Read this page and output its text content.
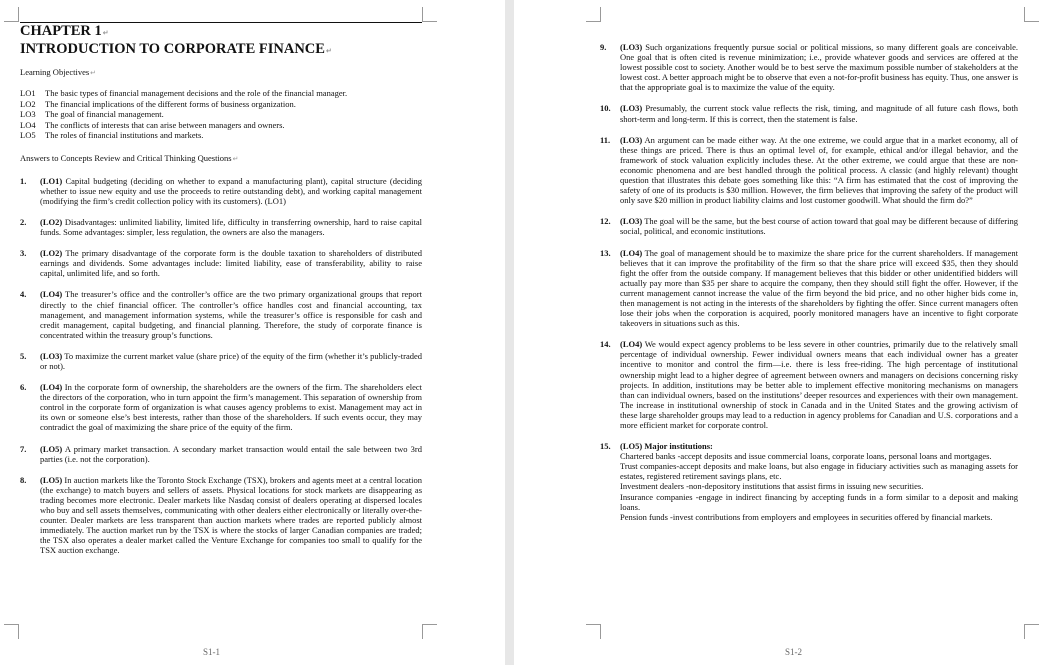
CHAPTER 1↵
INTRODUCTION TO CORPORATE FINANCE↵
Learning Objectives↵
LO1	The basic types of financial management decisions and the role of the financial manager.
LO2	The financial implications of the different forms of business organization.
LO3	The goal of financial management.
LO4	The conflicts of interests that can arise between managers and owners.
LO5	The roles of financial institutions and markets.
Answers to Concepts Review and Critical Thinking Questions↵
1.	(LO1) Capital budgeting (deciding on whether to expand a manufacturing plant), capital structure (deciding whether to issue new equity and use the proceeds to retire outstanding debt), and working capital management (modifying the firm’s credit collection policy with its customers). (LO1)
2.	(LO2) Disadvantages: unlimited liability, limited life, difficulty in transferring ownership, hard to raise capital funds. Some advantages: simpler, less regulation, the owners are also the managers.
3.	(LO2) The primary disadvantage of the corporate form is the double taxation to shareholders of distributed earnings and dividends. Some advantages include: limited liability, ease of transferability, ability to raise capital, unlimited life, and so forth.
4.	(LO4) The treasurer’s office and the controller’s office are the two primary organizational groups that report directly to the chief financial officer. The controller’s office handles cost and financial accounting, tax management, and management information systems, while the treasurer’s office is responsible for cash and credit management, capital budgeting, and financial planning. Therefore, the study of corporate finance is concentrated within the treasury group’s functions.
5.	(LO3) To maximize the current market value (share price) of the equity of the firm (whether it’s publicly-traded or not).
6.	(LO4) In the corporate form of ownership, the shareholders are the owners of the firm. The shareholders elect the directors of the corporation, who in turn appoint the firm’s management. This separation of ownership from control in the corporate form of organization is what causes agency problems to exist. Management may act in its own or someone else’s best interests, rather than those of the shareholders. If such events occur, they may contradict the goal of maximizing the share price of the equity of the firm.
7.	(LO5) A primary market transaction. A secondary market transaction would entail the sale between two 3rd parties (i.e. not the corporation).
8.	(LO5) In auction markets like the Toronto Stock Exchange (TSX), brokers and agents meet at a central location (the exchange) to match buyers and sellers of assets. Physical locations for stock markets are disappearing as trading becomes more electronic. Dealer markets like Nasdaq consist of dealers operating at dispersed locales who buy and sell assets themselves, communicating with other dealers either electronically or literally over-the-counter. Dealer markets are less transparent than auction markets where trades are reported publicly almost immediately. The auction market run by the TSX is where the stocks of larger Canadian companies are traded; the TSX also operates a dealer market called the Venture Exchange for companies too small to qualify for the TSX auction exchange.
S1-1
9.	(LO3) Such organizations frequently pursue social or political missions, so many different goals are conceivable. One goal that is often cited is revenue minimization; i.e., provide whatever goods and services are offered at the lowest possible cost to society. Another would be to best serve the maximum possible number of stakeholders at the lowest cost. A better approach might be to observe that even a not-for-profit business has equity. Thus, one answer is that the appropriate goal is to maximize the value of the equity.
10.	(LO3) Presumably, the current stock value reflects the risk, timing, and magnitude of all future cash flows, both short-term and long-term. If this is correct, then the statement is false.
11.	(LO3) An argument can be made either way. At the one extreme, we could argue that in a market economy, all of these things are priced. There is thus an optimal level of, for example, ethical and/or illegal behavior, and the framework of stock valuation explicitly includes these. At the other extreme, we could argue that these are non-economic phenomena and are best handled through the political process. A classic (and highly relevant) thought question that illustrates this debate goes something like this: “A firm has estimated that the cost of improving the safety of one of its products is $30 million. However, the firm believes that improving the safety of the product will only save $20 million in product liability claims and lost customer goodwill. What should the firm do?”
12.	(LO3) The goal will be the same, but the best course of action toward that goal may be different because of differing social, political, and economic institutions.
13.	(LO4) The goal of management should be to maximize the share price for the current shareholders. If management believes that it can improve the profitability of the firm so that the share price will exceed $35, then they should fight the offer from the outside company. If management believes that this bidder or other unidentified bidders will actually pay more than $35 per share to acquire the company, then they should still fight the offer. However, if the current management cannot increase the value of the firm beyond the bid price, and no other higher bids come in, then management is not acting in the interests of the shareholders by fighting the offer. Since current managers often lose their jobs when the corporation is acquired, poorly monitored managers have an incentive to fight corporate takeovers in situations such as this.
14.	(LO4) We would expect agency problems to be less severe in other countries, primarily due to the relatively small percentage of individual ownership. Fewer individual owners means that each individual owner has a greater incentive to monitor and control the firm—i.e. there is less free-riding. The high percentage of institutional ownership might lead to a higher degree of agreement between owners and managers on decisions concerning risky projects. In addition, institutions may be better able to implement effective monitoring mechanisms on managers than can individual owners, based on the institutions’ deeper resources and experiences with their own management. The increase in institutional ownership of stock in Canada and in the United States and the growing activism of these large shareholder groups may lead to a reduction in agency problems for Canadian and U.S. corporations and a more efficient market for corporate control.
15.	(LO5) Major institutions:
Chartered banks -accept deposits and issue commercial loans, corporate loans, personal loans and mortgages.
Trust companies-accept deposits and make loans, but also engage in fiduciary activities such as managing assets for estates, registered retirement savings plans, etc.
Investment dealers -non-depository institutions that assist firms in issuing new securities.
Insurance companies -engage in indirect financing by accepting funds in a form similar to a deposit and making loans.
Pension funds -invest contributions from employers and employees in securities offered by financial markets.
S1-2
